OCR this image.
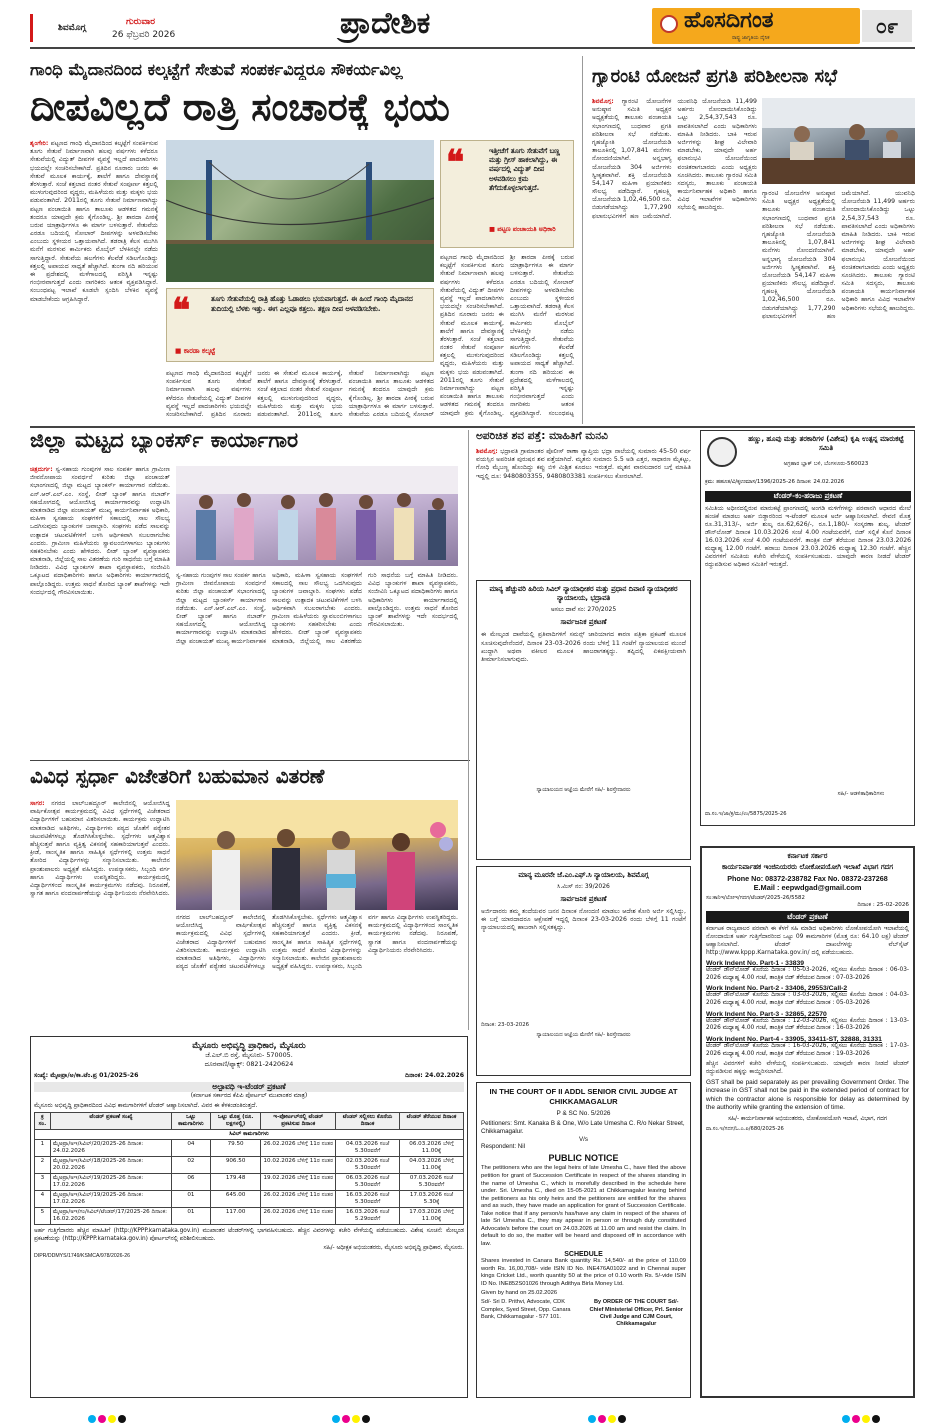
ಶಿವಮೊಗ್ಗ
ಗುರುವಾರ
26 ಫೆಬ್ರವರಿ 2026	ಪ್ರಾದೇಶಿಕ	ಹೊಸದಿಗಂತ
ರಾಷ್ಟ್ರ ಜಾಗೃತಿಯ ದೈನಿಕ	೦೯
ಗಾಂಧಿ ಮೈದಾನದಿಂದ ಕಲ್ಕಟ್ಟೆಗೆ ಸೇತುವೆ ಸಂಪರ್ಕವಿದ್ದರೂ ಸೌಕರ್ಯವಿಲ್ಲ
ದೀಪವಿಲ್ಲದೆ ರಾತ್ರಿ ಸಂಚಾರಕ್ಕೆ ಭಯ
ಶೃಂಗೇರಿ: ಪಟ್ಟಣದ ಗಾಂಧಿ ಮೈದಾನದಿಂದ ಕಲ್ಕಟ್ಟೆಗೆ ಸಂಪರ್ಕಿಸುವ ತೂಗು ಸೇತುವೆ ನಿರ್ಮಾಣವಾಗಿ ಹಲವು ವರ್ಷಗಳು ಕಳೆದರೂ ಸೇತುವೆಯಲ್ಲಿ ವಿದ್ಯುತ್ ದೀಪಗಳ ವ್ಯವಸ್ಥೆ ಇಲ್ಲದೆ ಪಾದಚಾರಿಗಳು ಭಯದಲ್ಲೇ ಸಂಚರಿಸಬೇಕಾಗಿದೆ. ಪ್ರತಿದಿನ ನೂರಾರು ಜನರು ಈ ಸೇತುವೆ ಮೂಲಕ ಕಾರ್ಯಕ್ಕೆ, ಶಾಲೆಗೆ ಹಾಗೂ ದೇವಸ್ಥಾನಕ್ಕೆ ತೆರಳುತ್ತಾರೆ. ಸಂಜೆ ಕತ್ತಲಾದ ನಂತರ ಸೇತುವೆ ಸಂಪೂರ್ಣ ಕತ್ತಲಲ್ಲಿ ಮುಳುಗುವುದರಿಂದ ವೃದ್ಧರು, ಮಹಿಳೆಯರು ಮತ್ತು ಮಕ್ಕಳು ಭಯ ಪಡುವಂತಾಗಿದೆ. 2011ರಲ್ಲಿ ತೂಗು ಸೇತುವೆ ನಿರ್ಮಾಣವಾಗಿದ್ದು ಪಟ್ಟಣ ಪಂಚಾಯಿತಿ ಹಾಗೂ ತಾಲೂಕು ಆಡಳಿತದ ಗಮನಕ್ಕೆ ತಂದರೂ ಯಾವುದೇ ಕ್ರಮ ಕೈಗೊಂಡಿಲ್ಲ. ಶ್ರೀ ಶಾರದಾ ಪೀಠಕ್ಕೆ ಬರುವ ಯಾತ್ರಾರ್ಥಿಗಳೂ ಈ ಮಾರ್ಗ ಬಳಸುತ್ತಾರೆ. ಸೇತುವೆಯ ಎರಡೂ ಬದಿಯಲ್ಲಿ ಸೋಲಾರ್ ದೀಪಗಳನ್ನು ಅಳವಡಿಸಬೇಕು ಎಂಬುದು ಸ್ಥಳೀಯರ ಒತ್ತಾಯವಾಗಿದೆ. ತಡರಾತ್ರಿ ಕೆಲಸ ಮುಗಿಸಿ ಮನೆಗೆ ಮರಳುವ ಕಾರ್ಮಿಕರು ಮೊಬೈಲ್ ಬೆಳಕಿನಲ್ಲೇ ನಡೆದು ಸಾಗುತ್ತಿದ್ದಾರೆ. ಸೇತುವೆಯ ಹಲಗೆಗಳು ಕೆಲವೆಡೆ ಸಡಿಲಗೊಂಡಿದ್ದು ಕತ್ತಲಲ್ಲಿ ಅಪಾಯದ ಸಾಧ್ಯತೆ ಹೆಚ್ಚಾಗಿದೆ. ತುಂಗಾ ನದಿ ಹರಿಯುವ ಈ ಪ್ರದೇಶದಲ್ಲಿ ಮಳೆಗಾಲದಲ್ಲಿ ಪರಿಸ್ಥಿತಿ ಇನ್ನಷ್ಟು ಗಂಭೀರವಾಗುತ್ತದೆ ಎಂದು ನಾಗರಿಕರು ಆತಂಕ ವ್ಯಕ್ತಪಡಿಸಿದ್ದಾರೆ. ಸಂಬಂಧಪಟ್ಟ ಇಲಾಖೆ ಕೂಡಲೇ ಸ್ಪಂದಿಸಿ ಬೆಳಕಿನ ವ್ಯವಸ್ಥೆ ಮಾಡಬೇಕೆಂದು ಆಗ್ರಹಿಸಿದ್ದಾರೆ.
❝	ಇತ್ತೀಚೆಗೆ ತೂಗು ಸೇತುವೆಗೆ ಬಣ್ಣ ಮತ್ತು ಗ್ರೀಸ್ ಹಾಕಲಾಗಿದ್ದು, ಈ ವರ್ಷದಲ್ಲಿ ವಿದ್ಯುತ್ ದೀಪ ಅಳವಡಿಸಲು ಕ್ರಮ ತೆಗೆದುಕೊಳ್ಳಲಾಗುತ್ತದೆ.
■ ಪಟ್ಟಣ ಪಂಚಾಯತಿ ಅಧಿಕಾರಿ
❝	ತೂಗು ಸೇತುವೆಯಲ್ಲಿ ರಾತ್ರಿ ಹೊತ್ತು ಓಡಾಡಲು ಭಯವಾಗುತ್ತದೆ. ಈ ಹಿಂದೆ ಗಾಂಧಿ ಮೈದಾನದ ತುದಿಯಲ್ಲಿ ಬೆಳಕು ಇತ್ತು. ಈಗ ಎಲ್ಲವೂ ಕತ್ತಲು. ತಕ್ಷಣ ದೀಪ ಅಳವಡಿಸಬೇಕು.
■ ಕಾರಡಾ ಕಲ್ಕಟ್ಟೆ
ಪಟ್ಟಣದ ಗಾಂಧಿ ಮೈದಾನದಿಂದ ಕಲ್ಕಟ್ಟೆಗೆ ಸಂಪರ್ಕಿಸುವ ತೂಗು ಸೇತುವೆ ನಿರ್ಮಾಣವಾಗಿ ಹಲವು ವರ್ಷಗಳು ಕಳೆದರೂ ಸೇತುವೆಯಲ್ಲಿ ವಿದ್ಯುತ್ ದೀಪಗಳ ವ್ಯವಸ್ಥೆ ಇಲ್ಲದೆ ಪಾದಚಾರಿಗಳು ಭಯದಲ್ಲೇ ಸಂಚರಿಸಬೇಕಾಗಿದೆ. ಪ್ರತಿದಿನ ನೂರಾರು ಜನರು ಈ ಸೇತುವೆ ಮೂಲಕ ಕಾರ್ಯಕ್ಕೆ, ಶಾಲೆಗೆ ಹಾಗೂ ದೇವಸ್ಥಾನಕ್ಕೆ ತೆರಳುತ್ತಾರೆ. ಸಂಜೆ ಕತ್ತಲಾದ ನಂತರ ಸೇತುವೆ ಸಂಪೂರ್ಣ ಕತ್ತಲಲ್ಲಿ ಮುಳುಗುವುದರಿಂದ ವೃದ್ಧರು, ಮಹಿಳೆಯರು ಮತ್ತು ಮಕ್ಕಳು ಭಯ ಪಡುವಂತಾಗಿದೆ. 2011ರಲ್ಲಿ ತೂಗು ಸೇತುವೆ ನಿರ್ಮಾಣವಾಗಿದ್ದು ಪಟ್ಟಣ ಪಂಚಾಯಿತಿ ಹಾಗೂ ತಾಲೂಕು ಆಡಳಿತದ ಗಮನಕ್ಕೆ ತಂದರೂ ಯಾವುದೇ ಕ್ರಮ ಕೈಗೊಂಡಿಲ್ಲ. ಶ್ರೀ ಶಾರದಾ ಪೀಠಕ್ಕೆ ಬರುವ ಯಾತ್ರಾರ್ಥಿಗಳೂ ಈ ಮಾರ್ಗ ಬಳಸುತ್ತಾರೆ. ಸೇತುವೆಯ ಎರಡೂ ಬದಿಯಲ್ಲಿ ಸೋಲಾರ್
ಪಟ್ಟಣದ ಗಾಂಧಿ ಮೈದಾನದಿಂದ ಕಲ್ಕಟ್ಟೆಗೆ ಸಂಪರ್ಕಿಸುವ ತೂಗು ಸೇತುವೆ ನಿರ್ಮಾಣವಾಗಿ ಹಲವು ವರ್ಷಗಳು ಕಳೆದರೂ ಸೇತುವೆಯಲ್ಲಿ ವಿದ್ಯುತ್ ದೀಪಗಳ ವ್ಯವಸ್ಥೆ ಇಲ್ಲದೆ ಪಾದಚಾರಿಗಳು ಭಯದಲ್ಲೇ ಸಂಚರಿಸಬೇಕಾಗಿದೆ. ಪ್ರತಿದಿನ ನೂರಾರು ಜನರು ಈ ಸೇತುವೆ ಮೂಲಕ ಕಾರ್ಯಕ್ಕೆ, ಶಾಲೆಗೆ ಹಾಗೂ ದೇವಸ್ಥಾನಕ್ಕೆ ತೆರಳುತ್ತಾರೆ. ಸಂಜೆ ಕತ್ತಲಾದ ನಂತರ ಸೇತುವೆ ಸಂಪೂರ್ಣ ಕತ್ತಲಲ್ಲಿ ಮುಳುಗುವುದರಿಂದ ವೃದ್ಧರು, ಮಹಿಳೆಯರು ಮತ್ತು ಮಕ್ಕಳು ಭಯ ಪಡುವಂತಾಗಿದೆ. 2011ರಲ್ಲಿ ತೂಗು ಸೇತುವೆ ನಿರ್ಮಾಣವಾಗಿದ್ದು ಪಟ್ಟಣ ಪಂಚಾಯಿತಿ ಹಾಗೂ ತಾಲೂಕು ಆಡಳಿತದ ಗಮನಕ್ಕೆ ತಂದರೂ ಯಾವುದೇ ಕ್ರಮ ಕೈಗೊಂಡಿಲ್ಲ. ಶ್ರೀ ಶಾರದಾ ಪೀಠಕ್ಕೆ ಬರುವ ಯಾತ್ರಾರ್ಥಿಗಳೂ ಈ ಮಾರ್ಗ ಬಳಸುತ್ತಾರೆ. ಸೇತುವೆಯ ಎರಡೂ ಬದಿಯಲ್ಲಿ ಸೋಲಾರ್ ದೀಪಗಳನ್ನು ಅಳವಡಿಸಬೇಕು ಎಂಬುದು ಸ್ಥಳೀಯರ ಒತ್ತಾಯವಾಗಿದೆ. ತಡರಾತ್ರಿ ಕೆಲಸ ಮುಗಿಸಿ ಮನೆಗೆ ಮರಳುವ ಕಾರ್ಮಿಕರು ಮೊಬೈಲ್ ಬೆಳಕಿನಲ್ಲೇ ನಡೆದು ಸಾಗುತ್ತಿದ್ದಾರೆ. ಸೇತುವೆಯ ಹಲಗೆಗಳು ಕೆಲವೆಡೆ ಸಡಿಲಗೊಂಡಿದ್ದು ಕತ್ತಲಲ್ಲಿ ಅಪಾಯದ ಸಾಧ್ಯತೆ ಹೆಚ್ಚಾಗಿದೆ. ತುಂಗಾ ನದಿ ಹರಿಯುವ ಈ ಪ್ರದೇಶದಲ್ಲಿ ಮಳೆಗಾಲದಲ್ಲಿ ಪರಿಸ್ಥಿತಿ ಇನ್ನಷ್ಟು ಗಂಭೀರವಾಗುತ್ತದೆ ಎಂದು ನಾಗರಿಕರು ಆತಂಕ ವ್ಯಕ್ತಪಡಿಸಿದ್ದಾರೆ. ಸಂಬಂಧಪಟ್ಟ
ಗ್ಯಾರಂಟಿ ಯೋಜನೆ ಪ್ರಗತಿ ಪರಿಶೀಲನಾ ಸಭೆ
ಶಿವಮೊಗ್ಗ: ಗ್ಯಾರಂಟಿ ಯೋಜನೆಗಳ ಅನುಷ್ಠಾನ ಸಮಿತಿ ಅಧ್ಯಕ್ಷರ ಅಧ್ಯಕ್ಷತೆಯಲ್ಲಿ ತಾಲೂಕು ಪಂಚಾಯತಿ ಸಭಾಂಗಣದಲ್ಲಿ ಬುಧವಾರ ಪ್ರಗತಿ ಪರಿಶೀಲನಾ ಸಭೆ ನಡೆಯಿತು. ಗೃಹಜ್ಯೋತಿ ಯೋಜನೆಯಡಿ ತಾಲೂಕಿನಲ್ಲಿ 1,07,841 ಮನೆಗಳು ನೋಂದಣಿಯಾಗಿವೆ. ಅನ್ನಭಾಗ್ಯ ಯೋಜನೆಯಡಿ 304 ಅರ್ಜಿಗಳು ಸ್ವೀಕೃತವಾಗಿವೆ. ಶಕ್ತಿ ಯೋಜನೆಯಡಿ 54,147 ಮಹಿಳಾ ಪ್ರಯಾಣಿಕರು ಸೌಲಭ್ಯ ಪಡೆದಿದ್ದಾರೆ. ಗೃಹಲಕ್ಷ್ಮಿ ಯೋಜನೆಯಡಿ 1,02,46,500 ರೂ. ಬಿಡುಗಡೆಯಾಗಿದ್ದು 1,77,290 ಫಲಾನುಭವಿಗಳಿಗೆ ಹಣ ಜಮೆಯಾಗಿದೆ. ಯುವನಿಧಿ ಯೋಜನೆಯಡಿ 11,499 ಅರ್ಹರು ನೋಂದಾಯಿಸಿಕೊಂಡಿದ್ದು ಒಟ್ಟು 2,54,37,543 ರೂ. ಪಾವತಿಸಲಾಗಿದೆ ಎಂದು ಅಧಿಕಾರಿಗಳು ಮಾಹಿತಿ ನೀಡಿದರು. ಬಾಕಿ ಇರುವ ಅರ್ಜಿಗಳನ್ನು ಶೀಘ್ರ ವಿಲೇವಾರಿ ಮಾಡಬೇಕು, ಯಾವುದೇ ಅರ್ಹ ಫಲಾನುಭವಿ ಯೋಜನೆಯಿಂದ ವಂಚಿತರಾಗಬಾರದು ಎಂದು ಅಧ್ಯಕ್ಷರು ಸೂಚಿಸಿದರು. ತಾಲೂಕು ಗ್ಯಾರಂಟಿ ಸಮಿತಿ ಸದಸ್ಯರು, ತಾಲೂಕು ಪಂಚಾಯತಿ ಕಾರ್ಯನಿರ್ವಾಹಕ ಅಧಿಕಾರಿ ಹಾಗೂ ವಿವಿಧ ಇಲಾಖೆಗಳ ಅಧಿಕಾರಿಗಳು ಸಭೆಯಲ್ಲಿ ಹಾಜರಿದ್ದರು.
ಗ್ಯಾರಂಟಿ ಯೋಜನೆಗಳ ಅನುಷ್ಠಾನ ಸಮಿತಿ ಅಧ್ಯಕ್ಷರ ಅಧ್ಯಕ್ಷತೆಯಲ್ಲಿ ತಾಲೂಕು ಪಂಚಾಯತಿ ಸಭಾಂಗಣದಲ್ಲಿ ಬುಧವಾರ ಪ್ರಗತಿ ಪರಿಶೀಲನಾ ಸಭೆ ನಡೆಯಿತು. ಗೃಹಜ್ಯೋತಿ ಯೋಜನೆಯಡಿ ತಾಲೂಕಿನಲ್ಲಿ 1,07,841 ಮನೆಗಳು ನೋಂದಣಿಯಾಗಿವೆ. ಅನ್ನಭಾಗ್ಯ ಯೋಜನೆಯಡಿ 304 ಅರ್ಜಿಗಳು ಸ್ವೀಕೃತವಾಗಿವೆ. ಶಕ್ತಿ ಯೋಜನೆಯಡಿ 54,147 ಮಹಿಳಾ ಪ್ರಯಾಣಿಕರು ಸೌಲಭ್ಯ ಪಡೆದಿದ್ದಾರೆ. ಗೃಹಲಕ್ಷ್ಮಿ ಯೋಜನೆಯಡಿ 1,02,46,500 ರೂ. ಬಿಡುಗಡೆಯಾಗಿದ್ದು 1,77,290 ಫಲಾನುಭವಿಗಳಿಗೆ ಹಣ ಜಮೆಯಾಗಿದೆ. ಯುವನಿಧಿ ಯೋಜನೆಯಡಿ 11,499 ಅರ್ಹರು ನೋಂದಾಯಿಸಿಕೊಂಡಿದ್ದು ಒಟ್ಟು 2,54,37,543 ರೂ. ಪಾವತಿಸಲಾಗಿದೆ ಎಂದು ಅಧಿಕಾರಿಗಳು ಮಾಹಿತಿ ನೀಡಿದರು. ಬಾಕಿ ಇರುವ ಅರ್ಜಿಗಳನ್ನು ಶೀಘ್ರ ವಿಲೇವಾರಿ ಮಾಡಬೇಕು, ಯಾವುದೇ ಅರ್ಹ ಫಲಾನುಭವಿ ಯೋಜನೆಯಿಂದ ವಂಚಿತರಾಗಬಾರದು ಎಂದು ಅಧ್ಯಕ್ಷರು ಸೂಚಿಸಿದರು. ತಾಲೂಕು ಗ್ಯಾರಂಟಿ ಸಮಿತಿ ಸದಸ್ಯರು, ತಾಲೂಕು ಪಂಚಾಯತಿ ಕಾರ್ಯನಿರ್ವಾಹಕ ಅಧಿಕಾರಿ ಹಾಗೂ ವಿವಿಧ ಇಲಾಖೆಗಳ ಅಧಿಕಾರಿಗಳು ಸಭೆಯಲ್ಲಿ ಹಾಜರಿದ್ದರು.
ಜಿಲ್ಲಾ ಮಟ್ಟದ ಬ್ಯಾಂಕರ್ಸ್ ಕಾರ್ಯಾಗಾರ
ಚಿತ್ರದುರ್ಗ: ಸ್ವ-ಸಹಾಯ ಗುಂಪುಗಳ ಸಾಲ ಸಂಪರ್ಕ ಹಾಗೂ ಗ್ರಾಮೀಣ ಜೀವನೋಪಾಯ ಸಂವರ್ಧನೆ ಕುರಿತು ಜಿಲ್ಲಾ ಪಂಚಾಯತ್ ಸಭಾಂಗಣದಲ್ಲಿ ಜಿಲ್ಲಾ ಮಟ್ಟದ ಬ್ಯಾಂಕರ್ಸ್ ಕಾರ್ಯಾಗಾರ ನಡೆಯಿತು. ಎನ್.ಆರ್.ಎಲ್.ಎಂ. ಸಂಸ್ಥೆ, ಲೀಡ್ ಬ್ಯಾಂಕ್ ಹಾಗೂ ನಬಾರ್ಡ್ ಸಹಯೋಗದಲ್ಲಿ ಆಯೋಜಿಸಿದ್ದ ಕಾರ್ಯಾಗಾರವನ್ನು ಉದ್ಘಾಟಿಸಿ ಮಾತನಾಡಿದ ಜಿಲ್ಲಾ ಪಂಚಾಯತ್ ಮುಖ್ಯ ಕಾರ್ಯನಿರ್ವಾಹಕ ಅಧಿಕಾರಿ, ಮಹಿಳಾ ಸ್ವಸಹಾಯ ಸಂಘಗಳಿಗೆ ಸಕಾಲದಲ್ಲಿ ಸಾಲ ಸೌಲಭ್ಯ ಒದಗಿಸುವುದು ಬ್ಯಾಂಕುಗಳ ಜವಾಬ್ದಾರಿ. ಸಂಘಗಳು ಪಡೆದ ಸಾಲವನ್ನು ಉತ್ಪಾದಕ ಚಟುವಟಿಕೆಗಳಿಗೆ ಬಳಸಿ ಆರ್ಥಿಕವಾಗಿ ಸಬಲರಾಗಬೇಕು ಎಂದರು. ಗ್ರಾಮೀಣ ಮಹಿಳೆಯರು ಸ್ವಾವಲಂಬಿಗಳಾಗಲು ಬ್ಯಾಂಕುಗಳು ಸಹಕರಿಸಬೇಕು ಎಂದು ಹೇಳಿದರು. ಲೀಡ್ ಬ್ಯಾಂಕ್ ವ್ಯವಸ್ಥಾಪಕರು ಮಾತನಾಡಿ, ಜಿಲ್ಲೆಯಲ್ಲಿ ಸಾಲ ವಿತರಣೆಯ ಗುರಿ ಸಾಧನೆಯ ಬಗ್ಗೆ ಮಾಹಿತಿ ನೀಡಿದರು. ವಿವಿಧ ಬ್ಯಾಂಕುಗಳ ಶಾಖಾ ವ್ಯವಸ್ಥಾಪಕರು, ಸಂಜೀವಿನಿ ಒಕ್ಕೂಟದ ಪದಾಧಿಕಾರಿಗಳು ಹಾಗೂ ಅಧಿಕಾರಿಗಳು ಕಾರ್ಯಾಗಾರದಲ್ಲಿ ಪಾಲ್ಗೊಂಡಿದ್ದರು. ಉತ್ತಮ ಸಾಧನೆ ತೋರಿದ ಬ್ಯಾಂಕ್ ಶಾಖೆಗಳನ್ನು ಇದೇ ಸಂದರ್ಭದಲ್ಲಿ ಗೌರವಿಸಲಾಯಿತು.
ಸ್ವ-ಸಹಾಯ ಗುಂಪುಗಳ ಸಾಲ ಸಂಪರ್ಕ ಹಾಗೂ ಗ್ರಾಮೀಣ ಜೀವನೋಪಾಯ ಸಂವರ್ಧನೆ ಕುರಿತು ಜಿಲ್ಲಾ ಪಂಚಾಯತ್ ಸಭಾಂಗಣದಲ್ಲಿ ಜಿಲ್ಲಾ ಮಟ್ಟದ ಬ್ಯಾಂಕರ್ಸ್ ಕಾರ್ಯಾಗಾರ ನಡೆಯಿತು. ಎನ್.ಆರ್.ಎಲ್.ಎಂ. ಸಂಸ್ಥೆ, ಲೀಡ್ ಬ್ಯಾಂಕ್ ಹಾಗೂ ನಬಾರ್ಡ್ ಸಹಯೋಗದಲ್ಲಿ ಆಯೋಜಿಸಿದ್ದ ಕಾರ್ಯಾಗಾರವನ್ನು ಉದ್ಘಾಟಿಸಿ ಮಾತನಾಡಿದ ಜಿಲ್ಲಾ ಪಂಚಾಯತ್ ಮುಖ್ಯ ಕಾರ್ಯನಿರ್ವಾಹಕ ಅಧಿಕಾರಿ, ಮಹಿಳಾ ಸ್ವಸಹಾಯ ಸಂಘಗಳಿಗೆ ಸಕಾಲದಲ್ಲಿ ಸಾಲ ಸೌಲಭ್ಯ ಒದಗಿಸುವುದು ಬ್ಯಾಂಕುಗಳ ಜವಾಬ್ದಾರಿ. ಸಂಘಗಳು ಪಡೆದ ಸಾಲವನ್ನು ಉತ್ಪಾದಕ ಚಟುವಟಿಕೆಗಳಿಗೆ ಬಳಸಿ ಆರ್ಥಿಕವಾಗಿ ಸಬಲರಾಗಬೇಕು ಎಂದರು. ಗ್ರಾಮೀಣ ಮಹಿಳೆಯರು ಸ್ವಾವಲಂಬಿಗಳಾಗಲು ಬ್ಯಾಂಕುಗಳು ಸಹಕರಿಸಬೇಕು ಎಂದು ಹೇಳಿದರು. ಲೀಡ್ ಬ್ಯಾಂಕ್ ವ್ಯವಸ್ಥಾಪಕರು ಮಾತನಾಡಿ, ಜಿಲ್ಲೆಯಲ್ಲಿ ಸಾಲ ವಿತರಣೆಯ ಗುರಿ ಸಾಧನೆಯ ಬಗ್ಗೆ ಮಾಹಿತಿ ನೀಡಿದರು. ವಿವಿಧ ಬ್ಯಾಂಕುಗಳ ಶಾಖಾ ವ್ಯವಸ್ಥಾಪಕರು, ಸಂಜೀವಿನಿ ಒಕ್ಕೂಟದ ಪದಾಧಿಕಾರಿಗಳು ಹಾಗೂ ಅಧಿಕಾರಿಗಳು ಕಾರ್ಯಾಗಾರದಲ್ಲಿ ಪಾಲ್ಗೊಂಡಿದ್ದರು. ಉತ್ತಮ ಸಾಧನೆ ತೋರಿದ ಬ್ಯಾಂಕ್ ಶಾಖೆಗಳನ್ನು ಇದೇ ಸಂದರ್ಭದಲ್ಲಿ ಗೌರವಿಸಲಾಯಿತು.
ವಿವಿಧ ಸ್ಪರ್ಧಾ ವಿಜೇತರಿಗೆ ಬಹುಮಾನ ವಿತರಣೆ
ಸಾಗರ: ನಗರದ ಲಾಲ್‌ಬಹದ್ದೂರ್ ಕಾಲೇಜಿನಲ್ಲಿ ಆಯೋಜಿಸಿದ್ದ ವಾರ್ಷಿಕೋತ್ಸವ ಕಾರ್ಯಕ್ರಮದಲ್ಲಿ ವಿವಿಧ ಸ್ಪರ್ಧೆಗಳಲ್ಲಿ ವಿಜೇತರಾದ ವಿದ್ಯಾರ್ಥಿಗಳಿಗೆ ಬಹುಮಾನ ವಿತರಿಸಲಾಯಿತು. ಕಾರ್ಯಕ್ರಮ ಉದ್ಘಾಟಿಸಿ ಮಾತನಾಡಿದ ಅತಿಥಿಗಳು, ವಿದ್ಯಾರ್ಥಿಗಳು ಪಠ್ಯದ ಜೊತೆಗೆ ಪಠ್ಯೇತರ ಚಟುವಟಿಕೆಗಳಲ್ಲೂ ತೊಡಗಿಸಿಕೊಳ್ಳಬೇಕು. ಸ್ಪರ್ಧೆಗಳು ಆತ್ಮವಿಶ್ವಾಸ ಹೆಚ್ಚಿಸುತ್ತವೆ ಹಾಗೂ ವ್ಯಕ್ತಿತ್ವ ವಿಕಸನಕ್ಕೆ ಸಹಕಾರಿಯಾಗುತ್ತವೆ ಎಂದರು. ಕ್ರೀಡೆ, ಸಾಂಸ್ಕೃತಿಕ ಹಾಗೂ ಸಾಹಿತ್ಯಿಕ ಸ್ಪರ್ಧೆಗಳಲ್ಲಿ ಉತ್ತಮ ಸಾಧನೆ ತೋರಿದ ವಿದ್ಯಾರ್ಥಿಗಳನ್ನು ಸನ್ಮಾನಿಸಲಾಯಿತು. ಕಾಲೇಜಿನ ಪ್ರಾಂಶುಪಾಲರು ಅಧ್ಯಕ್ಷತೆ ವಹಿಸಿದ್ದರು. ಉಪನ್ಯಾಸಕರು, ಸಿಬ್ಬಂದಿ ವರ್ಗ ಹಾಗೂ ವಿದ್ಯಾರ್ಥಿಗಳು ಉಪಸ್ಥಿತರಿದ್ದರು. ಕಾರ್ಯಕ್ರಮದಲ್ಲಿ ವಿದ್ಯಾರ್ಥಿಗಳಿಂದ ಸಾಂಸ್ಕೃತಿಕ ಕಾರ್ಯಕ್ರಮಗಳು ನಡೆದವು. ನಿರೂಪಣೆ, ಸ್ವಾಗತ ಹಾಗೂ ವಂದನಾರ್ಪಣೆಯನ್ನು ವಿದ್ಯಾರ್ಥಿನಿಯರು ನೆರವೇರಿಸಿದರು.
ನಗರದ ಲಾಲ್‌ಬಹದ್ದೂರ್ ಕಾಲೇಜಿನಲ್ಲಿ ಆಯೋಜಿಸಿದ್ದ ವಾರ್ಷಿಕೋತ್ಸವ ಕಾರ್ಯಕ್ರಮದಲ್ಲಿ ವಿವಿಧ ಸ್ಪರ್ಧೆಗಳಲ್ಲಿ ವಿಜೇತರಾದ ವಿದ್ಯಾರ್ಥಿಗಳಿಗೆ ಬಹುಮಾನ ವಿತರಿಸಲಾಯಿತು. ಕಾರ್ಯಕ್ರಮ ಉದ್ಘಾಟಿಸಿ ಮಾತನಾಡಿದ ಅತಿಥಿಗಳು, ವಿದ್ಯಾರ್ಥಿಗಳು ಪಠ್ಯದ ಜೊತೆಗೆ ಪಠ್ಯೇತರ ಚಟುವಟಿಕೆಗಳಲ್ಲೂ ತೊಡಗಿಸಿಕೊಳ್ಳಬೇಕು. ಸ್ಪರ್ಧೆಗಳು ಆತ್ಮವಿಶ್ವಾಸ ಹೆಚ್ಚಿಸುತ್ತವೆ ಹಾಗೂ ವ್ಯಕ್ತಿತ್ವ ವಿಕಸನಕ್ಕೆ ಸಹಕಾರಿಯಾಗುತ್ತವೆ ಎಂದರು. ಕ್ರೀಡೆ, ಸಾಂಸ್ಕೃತಿಕ ಹಾಗೂ ಸಾಹಿತ್ಯಿಕ ಸ್ಪರ್ಧೆಗಳಲ್ಲಿ ಉತ್ತಮ ಸಾಧನೆ ತೋರಿದ ವಿದ್ಯಾರ್ಥಿಗಳನ್ನು ಸನ್ಮಾನಿಸಲಾಯಿತು. ಕಾಲೇಜಿನ ಪ್ರಾಂಶುಪಾಲರು ಅಧ್ಯಕ್ಷತೆ ವಹಿಸಿದ್ದರು. ಉಪನ್ಯಾಸಕರು, ಸಿಬ್ಬಂದಿ ವರ್ಗ ಹಾಗೂ ವಿದ್ಯಾರ್ಥಿಗಳು ಉಪಸ್ಥಿತರಿದ್ದರು. ಕಾರ್ಯಕ್ರಮದಲ್ಲಿ ವಿದ್ಯಾರ್ಥಿಗಳಿಂದ ಸಾಂಸ್ಕೃತಿಕ ಕಾರ್ಯಕ್ರಮಗಳು ನಡೆದವು. ನಿರೂಪಣೆ, ಸ್ವಾಗತ ಹಾಗೂ ವಂದನಾರ್ಪಣೆಯನ್ನು ವಿದ್ಯಾರ್ಥಿನಿಯರು ನೆರವೇರಿಸಿದರು.
ಅಪರಿಚಿತ ಶವ ಪತ್ತೆ: ಮಾಹಿತಿಗೆ ಮನವಿ
ಶಿವಮೊಗ್ಗ: ಭದ್ರಾವತಿ ಗ್ರಾಮಾಂತರ ಪೊಲೀಸ್ ಠಾಣಾ ವ್ಯಾಪ್ತಿಯ ಭದ್ರಾ ನಾಲೆಯಲ್ಲಿ ಸುಮಾರು 45-50 ವರ್ಷ ವಯಸ್ಸಿನ ಅಪರಿಚಿತ ಪುರುಷನ ಶವ ಪತ್ತೆಯಾಗಿದೆ. ಮೃತನು ಸುಮಾರು 5.5 ಅಡಿ ಎತ್ತರ, ಸಾಧಾರಣ ಮೈಕಟ್ಟು, ಗೋಧಿ ಮೈಬಣ್ಣ ಹೊಂದಿದ್ದು ಕಪ್ಪು ಬಿಳಿ ಮಿಶ್ರಿತ ಕೂದಲು ಇರುತ್ತದೆ. ಮೃತನ ವಾರಸುದಾರರ ಬಗ್ಗೆ ಮಾಹಿತಿ ಇದ್ದಲ್ಲಿ ದೂ: 9480803355, 9480803381 ಸಂಪರ್ಕಿಸಲು ಕೋರಲಾಗಿದೆ.
ಮಾನ್ಯ ಹೆಚ್ಚುವರಿ ಹಿರಿಯ ಸಿವಿಲ್ ನ್ಯಾಯಾಧೀಶರ ಮತ್ತು ಪ್ರಧಾನ ದಿವಾಣಿ ನ್ಯಾಯಾಧೀಶರ ನ್ಯಾಯಾಲಯ, ಭದ್ರಾವತಿ
ಅಸಲು ದಾವೆ ಸಂ: 270/2025
ಸಾರ್ವಜನಿಕ ಪ್ರಕಟಣೆ
ಈ ಮೇಲ್ಕಂಡ ದಾವೆಯಲ್ಲಿ ಪ್ರತಿವಾದಿಗಳಿಗೆ ಸಮನ್ಸ್ ಜಾರಿಯಾಗದ ಕಾರಣ ಪತ್ರಿಕಾ ಪ್ರಕಟಣೆ ಮೂಲಕ ಸೂಚಿಸುವುದೇನೆಂದರೆ, ದಿನಾಂಕ 23-03-2026 ರಂದು ಬೆಳಿಗ್ಗೆ 11 ಗಂಟೆಗೆ ನ್ಯಾಯಾಲಯದ ಮುಂದೆ ಖುದ್ದಾಗಿ ಅಥವಾ ವಕೀಲರ ಮೂಲಕ ಹಾಜರಾಗತಕ್ಕದ್ದು. ತಪ್ಪಿದಲ್ಲಿ ಏಕಪಕ್ಷೀಯವಾಗಿ ತೀರ್ಮಾನಿಸಲಾಗುವುದು.
ನ್ಯಾಯಾಲಯದ ಆಜ್ಞೆಯ ಮೇರೆಗೆ ಸಹಿ/- ಶಿರಸ್ತೇದಾರರು
ಮಾನ್ಯ ಮೂರನೇ ಜೆ.ಎಂ.ಎಫ್.ಸಿ ನ್ಯಾಯಾಲಯ, ಶಿವಮೊಗ್ಗ
ಸಿ.ಮಿಸ್ ನಂ: 39/2026
ಸಾರ್ವಜನಿಕ ಪ್ರಕಟಣೆ
ಅರ್ಜಿದಾರರು ತಮ್ಮ ತಂದೆಯವರ ಜನನ ದಿನಾಂಕ ನೋಂದಣಿ ಮಾಡಲು ಆದೇಶ ಕೋರಿ ಅರ್ಜಿ ಸಲ್ಲಿಸಿದ್ದು, ಈ ಬಗ್ಗೆ ಯಾರದಾದರೂ ಆಕ್ಷೇಪಣೆ ಇದ್ದಲ್ಲಿ ದಿನಾಂಕ 23-03-2026 ರಂದು ಬೆಳಿಗ್ಗೆ 11 ಗಂಟೆಗೆ ನ್ಯಾಯಾಲಯದಲ್ಲಿ ಹಾಜರಾಗಿ ಸಲ್ಲಿಸತಕ್ಕದ್ದು.
ದಿನಾಂಕ: 23-03-2026
ನ್ಯಾಯಾಲಯದ ಆಜ್ಞೆಯ ಮೇರೆಗೆ ಸಹಿ/- ಶಿರಸ್ತೇದಾರರು
IN THE COURT OF II ADDL SENIOR CIVIL JUDGE AT CHIKKAMAGALUR
P & SC No. 5/2026
Petitioners: Smt. Kanaka B & One, W/o Late Umesha C. R/o Nekar Street, Chikkamagalur.
V/s
Respondent: Nil
PUBLIC NOTICE
The petitioners who are the legal heirs of late Umesha C., have filed the above petition for grant of Succession Certificate in respect of the shares standing in the name of Umesha C., which is morefully described in the schedule here under. Sri. Umesha C., died on 15-05-2021 at Chikkamagalur leaving behind the petitioners as his only heirs and the petitioners are entitled for the shares and as such, they have made an application for grant of Succession Certificate. Take notice that if any person/s has/have any claim in respect of the shares of late Sri Umesha C., they may appear in person or through duly constituted Advocate/s before the court on 24.03.2026 at 11.00 am and resist the claim. In default to do so, the matter will be heard and disposed off in accordance with law.
SCHEDULE
Shares invested in Canara Bank quantity Rs. 14,540/- at the price of 110.09 worth Rs. 16,00,708/- vide ISIN ID No. INE476A01022 and in Chennai super kings Cricket Ltd., worth quantity 50 at the price of 0.10 worth Rs. 5/-vide ISIN ID No. INE852S01026 through Adithya Birla Money Ltd.
Given by hand on 25.02.2026
Sd/- Sri D. Prithvi, Advocate, CDK Complex, Syed Street, Opp. Canara Bank, Chikkamagalur - 577 101.
By ORDER OF THE COURT Sd/- Chief Ministerial Officer, Prl. Senior Civil Judge and CJM Court, Chikkamagalur
ಹಣ್ಣು, ಹೂವು ಮತ್ತು ತರಕಾರಿಗಳ (ವಿಶೇಷ) ಕೃಷಿ ಉತ್ಪನ್ನ ಮಾರುಕಟ್ಟೆ ಸಮಿತಿ
ಅಗ್ರಹಾರ ಬ್ಲಾಕ್ ಬಳಿ, ಬೆಂಗಳೂರು-560023
ಕ್ರಮ: ಹಹೂತ/ವಿ/ಕೃಉಮಾಸ/1396/2025-26 ದಿನಾಂಕ: 24.02.2026
ಟೆಂಡರ್-ಕಂ-ಹರಾಜು ಪ್ರಕಟಣೆ
ಸಮಿತಿಯ ಅಧೀನದಲ್ಲಿರುವ ಮಾರುಕಟ್ಟೆ ಪ್ರಾಂಗಣದಲ್ಲಿ ಅಂಗಡಿ ಮಳಿಗೆಗಳನ್ನು ಪರವಾನಗಿ ಆಧಾರದ ಮೇಲೆ ಹಂಚಿಕೆ ಮಾಡಲು ಅರ್ಹ ಬಿಡ್ದಾರರಿಂದ ಇ-ಟೆಂಡರ್ ಮೂಲಕ ಅರ್ಜಿ ಆಹ್ವಾನಿಸಲಾಗಿದೆ. ಠೇವಣಿ ಮೊತ್ತ ರೂ.31,313/-, ಅರ್ಜಿ ಶುಲ್ಕ ರೂ.62,626/-, ರೂ.1,180/- ಸಂಸ್ಕರಣಾ ಶುಲ್ಕ. ಟೆಂಡರ್ ಡೌನ್‌ಲೋಡ್ ದಿನಾಂಕ 10.03.2026 ಸಂಜೆ 4.00 ಗಂಟೆಯವರೆಗೆ, ಬಿಡ್ ಸಲ್ಲಿಕೆ ಕೊನೆ ದಿನಾಂಕ 16.03.2026 ಸಂಜೆ 4.00 ಗಂಟೆಯವರೆಗೆ. ತಾಂತ್ರಿಕ ಬಿಡ್ ತೆರೆಯುವ ದಿನಾಂಕ 23.03.2026 ಮಧ್ಯಾಹ್ನ 12.00 ಗಂಟೆಗೆ. ಹರಾಜು ದಿನಾಂಕ 23.03.2026 ಮಧ್ಯಾಹ್ನ 12.30 ಗಂಟೆಗೆ. ಹೆಚ್ಚಿನ ವಿವರಗಳಿಗೆ ಸಮಿತಿಯ ಕಚೇರಿ ವೇಳೆಯಲ್ಲಿ ಸಂಪರ್ಕಿಸಬಹುದು. ಯಾವುದೇ ಕಾರಣ ನೀಡದೆ ಟೆಂಡರ್ ರದ್ದುಪಡಿಸುವ ಅಧಿಕಾರ ಸಮಿತಿಗೆ ಇರುತ್ತದೆ.
ಸಹಿ/- ಆಡಳಿತಾಧಿಕಾರಿಗಳು
ವಾ.ಸಂ.ಇ/ಜಾ/ಕ್ರ/ಮು/ಉ/5875/2025-26
ಕರ್ನಾಟಕ ಸರ್ಕಾರ
ಕಾರ್ಯನಿರ್ವಾಹಕ ಇಂಜಿನಿಯರರು ಲೋಕೋಪಯೋಗಿ ಇಲಾಖೆ ವಿಭಾಗ ಗದಗ
Phone No: 08372-238782 Fax No. 08372-237268
E.Mail : eepwdgad@gmail.com
ಸಂ:ಕಾನಿಇ/ಲೋಇ/ಗದಗ/ಟೆಂಡರ್/2025-26/5582
ದಿನಾಂಕ : 25-02-2026
ಟೆಂಡರ್ ಪ್ರಕಟಣೆ
ಕರ್ನಾಟಕ ರಾಜ್ಯಪಾಲರ ಪರವಾಗಿ ಈ ಕೆಳಗೆ ಸಹಿ ಮಾಡಿದ ಅಧಿಕಾರಿಗಳು ಲೋಕೋಪಯೋಗಿ ಇಲಾಖೆಯಲ್ಲಿ ನೋಂದಾಯಿತ ಅರ್ಹ ಗುತ್ತಿಗೆದಾರರಿಂದ ಒಟ್ಟು 09 ಕಾಮಗಾರಿಗಳ (ಮೊತ್ತ ರೂ: 64.10 ಲಕ್ಷ) ಟೆಂಡರ್ ಆಹ್ವಾನಿಸಲಾಗಿದೆ. ಟೆಂಡರ್ ದಾಖಲೆಗಳನ್ನು ವೆಬ್‌ಸೈಟ್ http://www.kppp.Karnataka.gov.in/ ದಲ್ಲಿ ಪಡೆಯಬಹುದು.
Work Indent No. Part-1 - 33839
ಟೆಂಡರ್ ಡೌನ್‌ಲೋಡ್ ಕೊನೆಯ ದಿನಾಂಕ : 05-03-2026, ಸಲ್ಲಿಸಲು ಕೊನೆಯ ದಿನಾಂಕ : 06-03-2026 ಮಧ್ಯಾಹ್ನ 4.00 ಗಂಟೆ, ತಾಂತ್ರಿಕ ಬಿಡ್ ತೆರೆಯುವ ದಿನಾಂಕ : 07-03-2026
Work Indent No. Part-2 - 33406, 29553/Call-2
ಟೆಂಡರ್ ಡೌನ್‌ಲೋಡ್ ಕೊನೆಯ ದಿನಾಂಕ : 03-03-2026, ಸಲ್ಲಿಸಲು ಕೊನೆಯ ದಿನಾಂಕ : 04-03-2026 ಮಧ್ಯಾಹ್ನ 4.00 ಗಂಟೆ, ತಾಂತ್ರಿಕ ಬಿಡ್ ತೆರೆಯುವ ದಿನಾಂಕ : 05-03-2026
Work Indent No. Part-3 - 32865, 22570
ಟೆಂಡರ್ ಡೌನ್‌ಲೋಡ್ ಕೊನೆಯ ದಿನಾಂಕ : 12-03-2026, ಸಲ್ಲಿಸಲು ಕೊನೆಯ ದಿನಾಂಕ : 13-03-2026 ಮಧ್ಯಾಹ್ನ 4.00 ಗಂಟೆ, ತಾಂತ್ರಿಕ ಬಿಡ್ ತೆರೆಯುವ ದಿನಾಂಕ : 16-03-2026
Work Indent No. Part-4 - 33905, 33411-ST, 32888, 31331
ಟೆಂಡರ್ ಡೌನ್‌ಲೋಡ್ ಕೊನೆಯ ದಿನಾಂಕ : 16-03-2026, ಸಲ್ಲಿಸಲು ಕೊನೆಯ ದಿನಾಂಕ : 17-03-2026 ಮಧ್ಯಾಹ್ನ 4.00 ಗಂಟೆ, ತಾಂತ್ರಿಕ ಬಿಡ್ ತೆರೆಯುವ ದಿನಾಂಕ : 19-03-2026
ಹೆಚ್ಚಿನ ವಿವರಗಳಿಗೆ ಕಚೇರಿ ವೇಳೆಯಲ್ಲಿ ಸಂಪರ್ಕಿಸಬಹುದು. ಯಾವುದೇ ಕಾರಣ ನೀಡದೆ ಟೆಂಡರ್ ರದ್ದುಪಡಿಸುವ ಹಕ್ಕನ್ನು ಕಾಯ್ದಿರಿಸಲಾಗಿದೆ.
GST shall be paid separately as per prevailing Government Order. The increase in GST shall not be paid in the extended period of contract for which the contractor alone is responsible for delay as determined by the authority while granting the extension of time.
ಸಹಿ/- ಕಾರ್ಯನಿರ್ವಾಹಕ ಅಭಿಯಂತರರು, ಲೋಕೋಪಯೋಗಿ ಇಲಾಖೆ, ವಿಭಾಗ, ಗದಗ
ವಾ.ಸಂ.ಇ/ಗದಗ/ಓ.ಎ.ಪಿ/680/2025-26
ಮೈಸೂರು ಅಭಿವೃದ್ಧಿ ಪ್ರಾಧಿಕಾರ, ಮೈಸೂರು
ಜೆ.ಎಲ್.ಬಿ ರಸ್ತೆ, ಮೈಸೂರು- 570005.
ದೂರವಾಣಿ/ಫ್ಯಾಕ್ಸ್: 0821-2420624
ಸಂಖ್ಯೆ: ಮೈಅಪ್ರಾ/ಅ/ಕಾ.ಟೆಂ.ಪ್ರ 01/2025-26	ದಿನಾಂಕ: 24.02.2026
ಅಲ್ಪಾವಧಿ ಇ-ಟೆಂಡರ್ ಪ್ರಕಟಣೆ
(ಕರ್ನಾಟಕ ಸರ್ಕಾರದ ಕೆಪಿಪಿ ಪೋರ್ಟಲ್ ಮುಖಾಂತರ ಮಾತ್ರ)
ಮೈಸೂರು ಅಭಿವೃದ್ಧಿ ಪ್ರಾಧಿಕಾರದಿಂದ ವಿವಿಧ ಕಾಮಗಾರಿಗಳಿಗೆ ಟೆಂಡರ್ ಆಹ್ವಾನಿಸಲಾಗಿದೆ. ವಿವರ ಈ ಕೆಳಕಂಡಂತಿರುತ್ತದೆ.
ಕ್ರ ಸಂ.	ಟೆಂಡರ್ ಪ್ರಕಟಣೆ ಸಂಖ್ಯೆ	ಒಟ್ಟು ಕಾಮಗಾರಿಗಳು	ಒಟ್ಟು ಮೊತ್ತ (ರೂ. ಲಕ್ಷಗಳಲ್ಲಿ)	ಇ-ಪೋರ್ಟಲ್‌ನಲ್ಲಿ ಟೆಂಡರ್ ಪ್ರಕಟಿಸುವ ದಿನಾಂಕ	ಟೆಂಡರ್ ಸಲ್ಲಿಸಲು ಕೊನೆಯ ದಿನಾಂಕ	ಟೆಂಡರ್ ತೆರೆಯುವ ದಿನಾಂಕ
ಸಿವಿಲ್ ಕಾಮಗಾರಿಗಳು						
1	ಮೈಅಪ್ರಾ/ಅಇ/ಸಿವಿಲ್/20/2025-26 ದಿನಾಂಕ: 24.02.2026	04	79.50	26.02.2026 ಬೆಳಿಗ್ಗೆ 11ರ ನಂತರ	04.03.2026 ಸಂಜೆ 5.30ರವರೆಗೆ	06.03.2026 ಬೆಳಿಗ್ಗೆ 11.00ಕ್ಕೆ
2	ಮೈಅಪ್ರಾ/ಅಇ/ಸಿವಿಲ್/18/2025-26 ದಿನಾಂಕ: 20.02.2026	02	906.50	10.02.2026 ಬೆಳಿಗ್ಗೆ 11ರ ನಂತರ	02.03.2026 ಸಂಜೆ 5.30ರವರೆಗೆ	04.03.2026 ಬೆಳಿಗ್ಗೆ 11.00ಕ್ಕೆ
3	ಮೈಅಪ್ರಾ/ಅಇ/ಸಿವಿಲ್/19/2025-26 ದಿನಾಂಕ: 17.02.2026	06	179.48	19.02.2026 ಬೆಳಿಗ್ಗೆ 11ರ ನಂತರ	06.03.2026 ಸಂಜೆ 5.30ರವರೆಗೆ	07.03.2026 ಸಂಜೆ 5.30ರವರೆಗೆ
4	ಮೈಅಪ್ರಾ/ಅಇ/ಸಿವಿಲ್/19/2025-26 ದಿನಾಂಕ: 17.02.2026	01	645.00	26.02.2026 ಬೆಳಿಗ್ಗೆ 11ರ ನಂತರ	16.03.2026 ಸಂಜೆ 5.30ರವರೆಗೆ	17.03.2026 ಸಂಜೆ 5.30ಕ್ಕೆ
5	ಮೈಅಪ್ರಾ/ಅಇ/ಗಂ/ಸಿವಿಲ್/ಟೆಂಡರ್/17/2025-26 ದಿನಾಂಕ: 16.02.2026	01	117.00	26.02.2026 ಬೆಳಿಗ್ಗೆ 11ರ ನಂತರ	16.03.2026 ಸಂಜೆ 5.29ರವರೆಗೆ	17.03.2026 ಬೆಳಿಗ್ಗೆ 11.00ಕ್ಕೆ
ಅರ್ಹ ಗುತ್ತಿಗೆದಾರರು ಹೆಚ್ಚಿನ ಮಾಹಿತಿಗೆ (http://KPPP.karnataka.gov.in) ಮುಖಾಂತರ ಟೆಂಡರ್‌ಗಳಲ್ಲಿ ಭಾಗವಹಿಸಬಹುದು. ಹೆಚ್ಚಿನ ವಿವರಗಳನ್ನು ಕಚೇರಿ ವೇಳೆಯಲ್ಲಿ ಪಡೆಯಬಹುದು. ವಿಶೇಷ ಸೂಚನೆ: ಮೇಲ್ಕಂಡ ಪ್ರಕಟಣೆಯನ್ನು (http://KPPP.karnataka.gov.in) ಪೋರ್ಟಲ್‌ನಲ್ಲಿ ಪರಿಶೀಲಿಸಬಹುದು.
ಸಹಿ/- ಅಧೀಕ್ಷಕ ಅಭಿಯಂತರರು, ಮೈಸೂರು ಅಭಿವೃದ್ಧಿ ಪ್ರಾಧಿಕಾರ, ಮೈಸೂರು.
DIPR/DDMYS/1749/KSMCA/978/2026-26
